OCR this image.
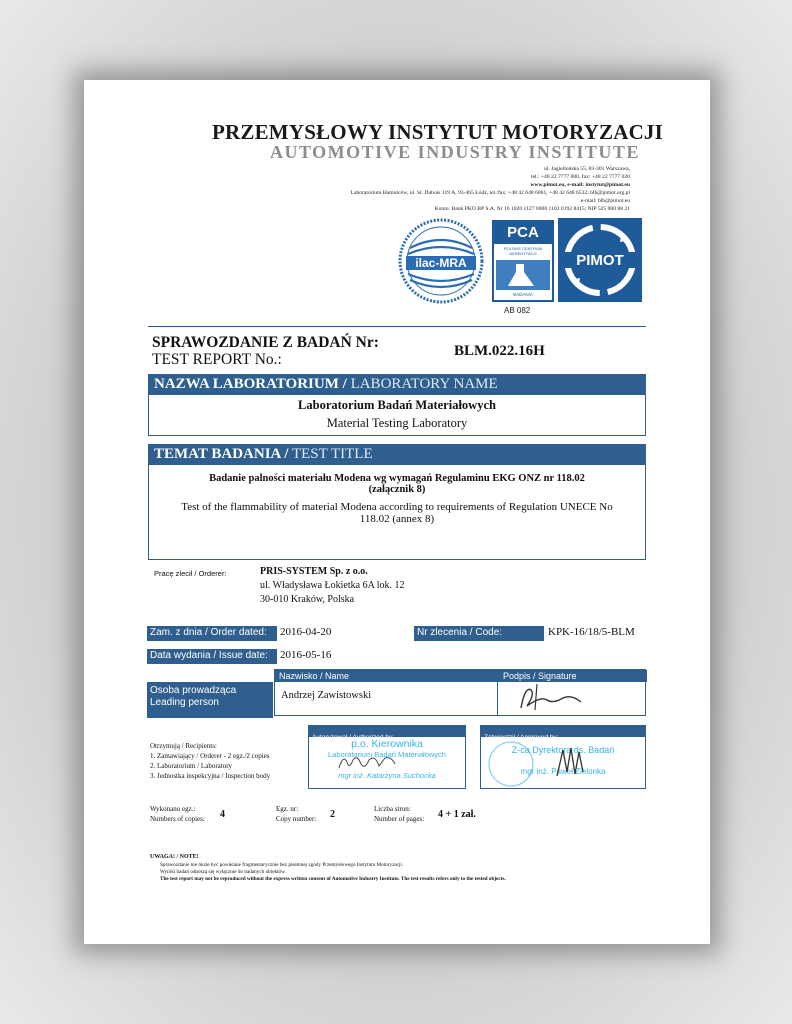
PRZEMYSŁOWY INSTYTUT MOTORYZACJI
AUTOMOTIVE INDUSTRY INSTITUTE
ul. Jagiellońska 55, 03-301 Warszawa,
tel.: +48 22 7777 000, fax: +48 22 7777 020
www.pimot.eu, e-mail: instytut@pimot.eu
Laboratorium Hamulców, ul. St. Dubois 119 A, 93-465 Łódź, tel./fax: +48 42 648 6061, +48 42 648 6532; blh@pimot.org.pl
e-mail: blh@pimot.eu
Konto: Bank PKO BP S.A. Nr 16 1020 1127 0000 1102 0192 8415; NIP 525 000 88 21
ilac-MRA
PCA
POLSKIE CENTRUM AKREDYTACJI
BADANIA
PIMOT
AB 082
SPRAWOZDANIE Z BADAŃ Nr:
TEST REPORT No.:	BLM.022.16H
NAZWA LABORATORIUM / LABORATORY NAME
Laboratorium Badań Materiałowych
Material Testing Laboratory
TEMAT BADANIA / TEST TITLE
Badanie palności materiału Modena wg wymagań Regulaminu EKG ONZ nr 118.02
(załącznik 8)
Test of the flammability of material Modena according to requirements of Regulation UNECE No
118.02 (annex 8)
Pracę zlecił / Orderer:	PRIS-SYSTEM Sp. z o.o.
ul. Władysława Łokietka 6A lok. 12
30-010 Kraków, Polska
Zam. z dnia / Order dated:	2016-04-20	Nr zlecenia / Code:	KPK-16/18/5-BLM
Data wydania / Issue date:	2016-05-16
Osoba prowadząca
Leading person
Nazwisko / Name	Podpis / Signature
Andrzej Zawistowski
Otrzymują / Recipients:
1. Zamawiający / Orderer - 2 egz./2 copies
2. Laboratorium / Laboratory
3. Jednostka inspekcyjna / Inspection body
Autoryzował / Authorized by:
p.o. Kierownika
Laboratorium Badań Materiałowych
mgr inż. Katarzyna Suchocka
Zatwierdził / Approved by:
Z-ca Dyrektora ds. Badań
mgr inż. Paweł Zielonka
Wykonano egz.:
Numbers of copies: 4	Egz. nr:
Copy number: 2	Liczba stron:
Number of pages: 4 + 1 zał.
UWAGA! / NOTE!
Sprawozdanie nie może być powielane fragmentarycznie bez pisemnej zgody Przemysłowego Instytutu Motoryzacji.
Wyniki badań odnoszą się wyłącznie do badanych obiektów.
The test report may not be reproduced without the express written consent of Automotive Industry Institute. The test results refers only to the tested objects.
